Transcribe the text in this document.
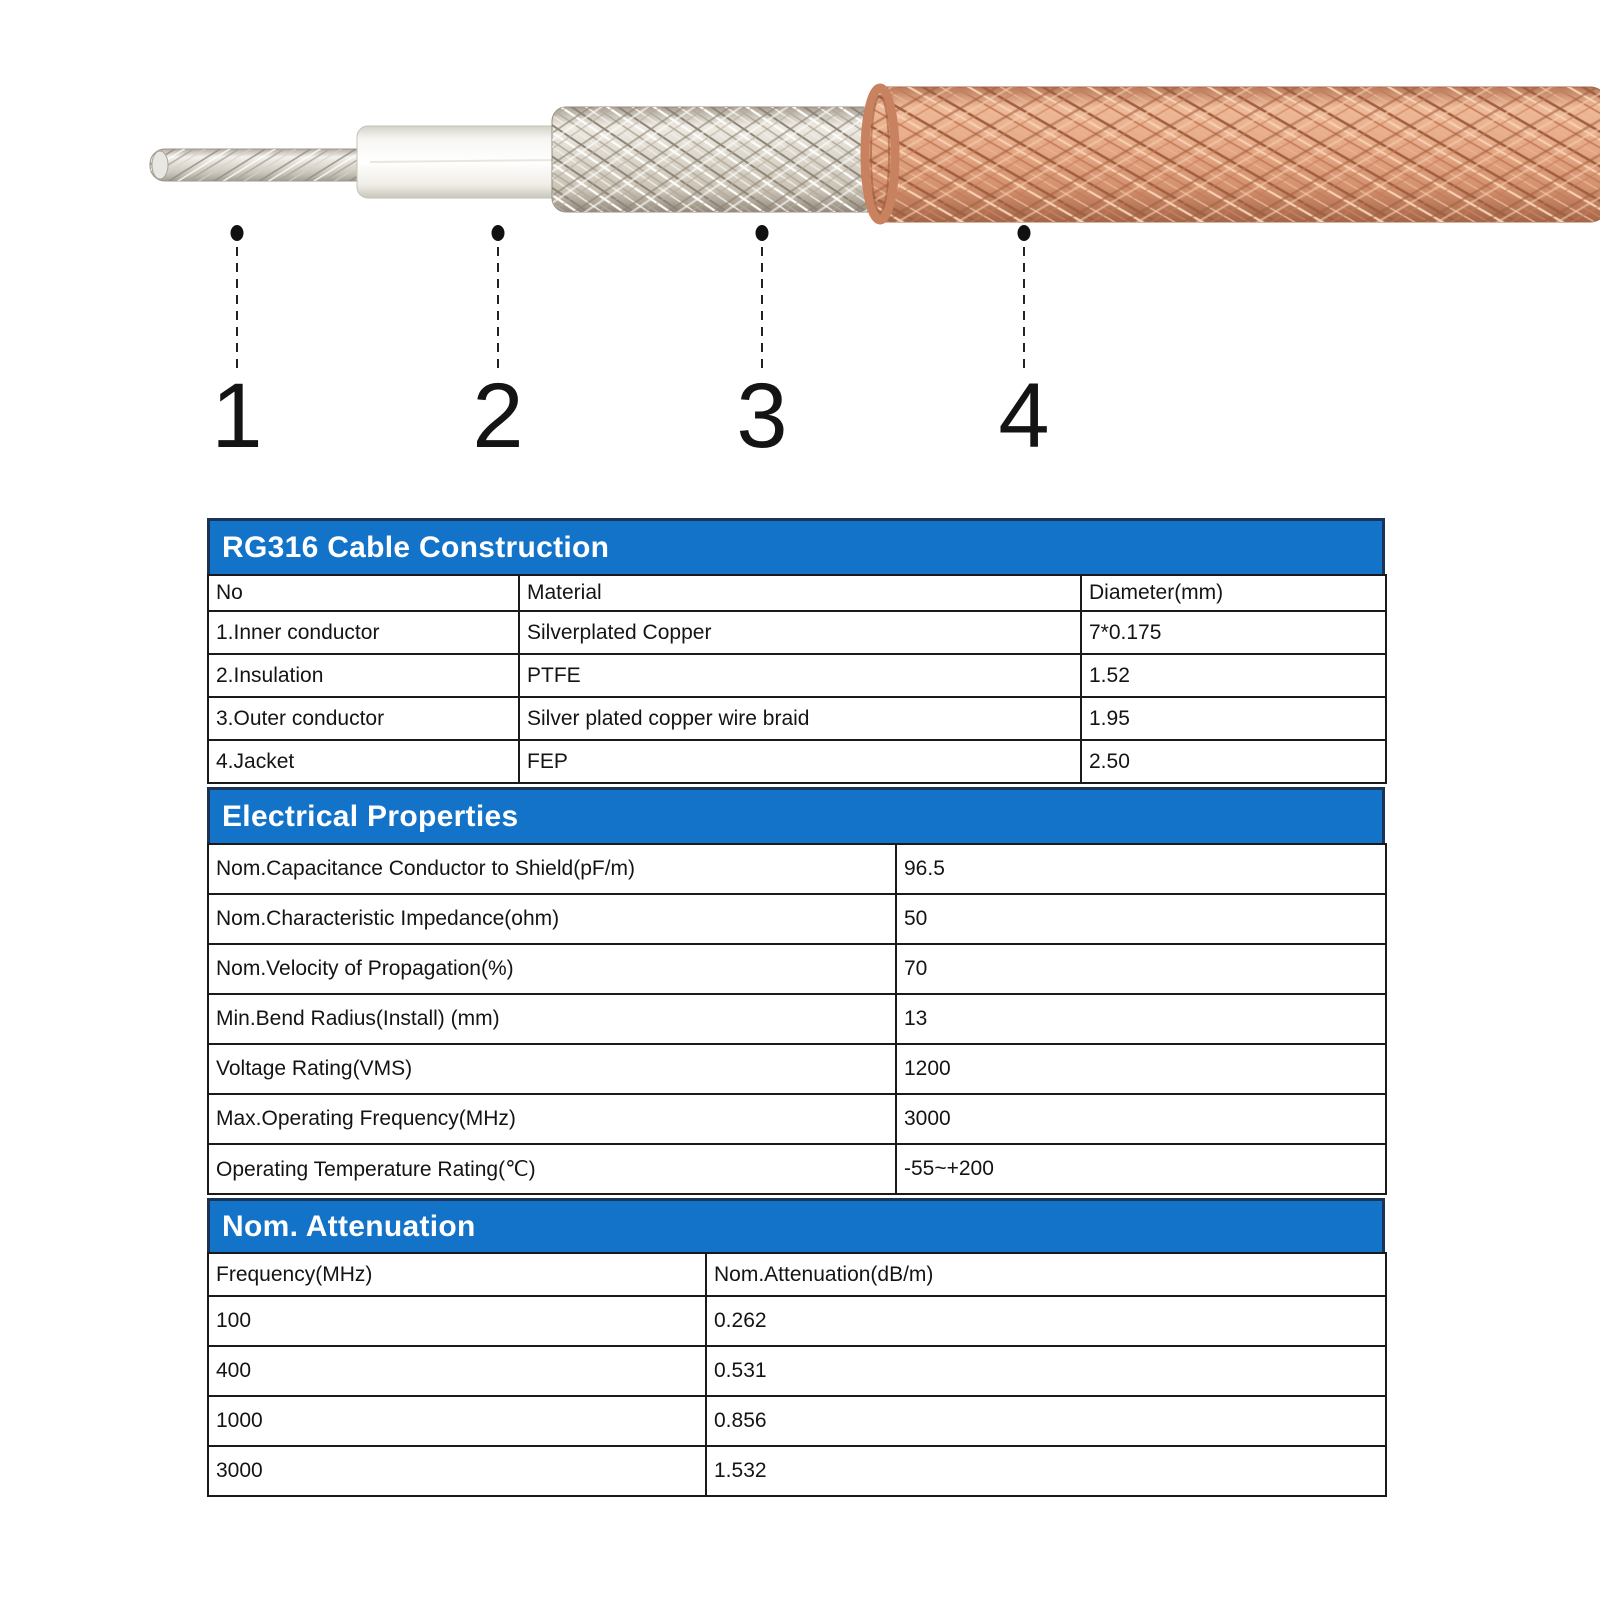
1 2 3 4
RG316 Cable Construction
No	Material	Diameter(mm)
1.Inner conductor	Silverplated Copper	7*0.175
2.Insulation	PTFE	1.52
3.Outer conductor	Silver plated copper wire braid	1.95
4.Jacket	FEP	2.50
Electrical Properties
Nom.Capacitance Conductor to Shield(pF/m)	96.5
Nom.Characteristic Impedance(ohm)	50
Nom.Velocity of Propagation(%)	70
Min.Bend Radius(Install) (mm)	13
Voltage Rating(VMS)	1200
Max.Operating Frequency(MHz)	3000
Operating Temperature Rating(℃)	-55~+200
Nom. Attenuation
Frequency(MHz)	Nom.Attenuation(dB/m)
100	0.262
400	0.531
1000	0.856
3000	1.532
